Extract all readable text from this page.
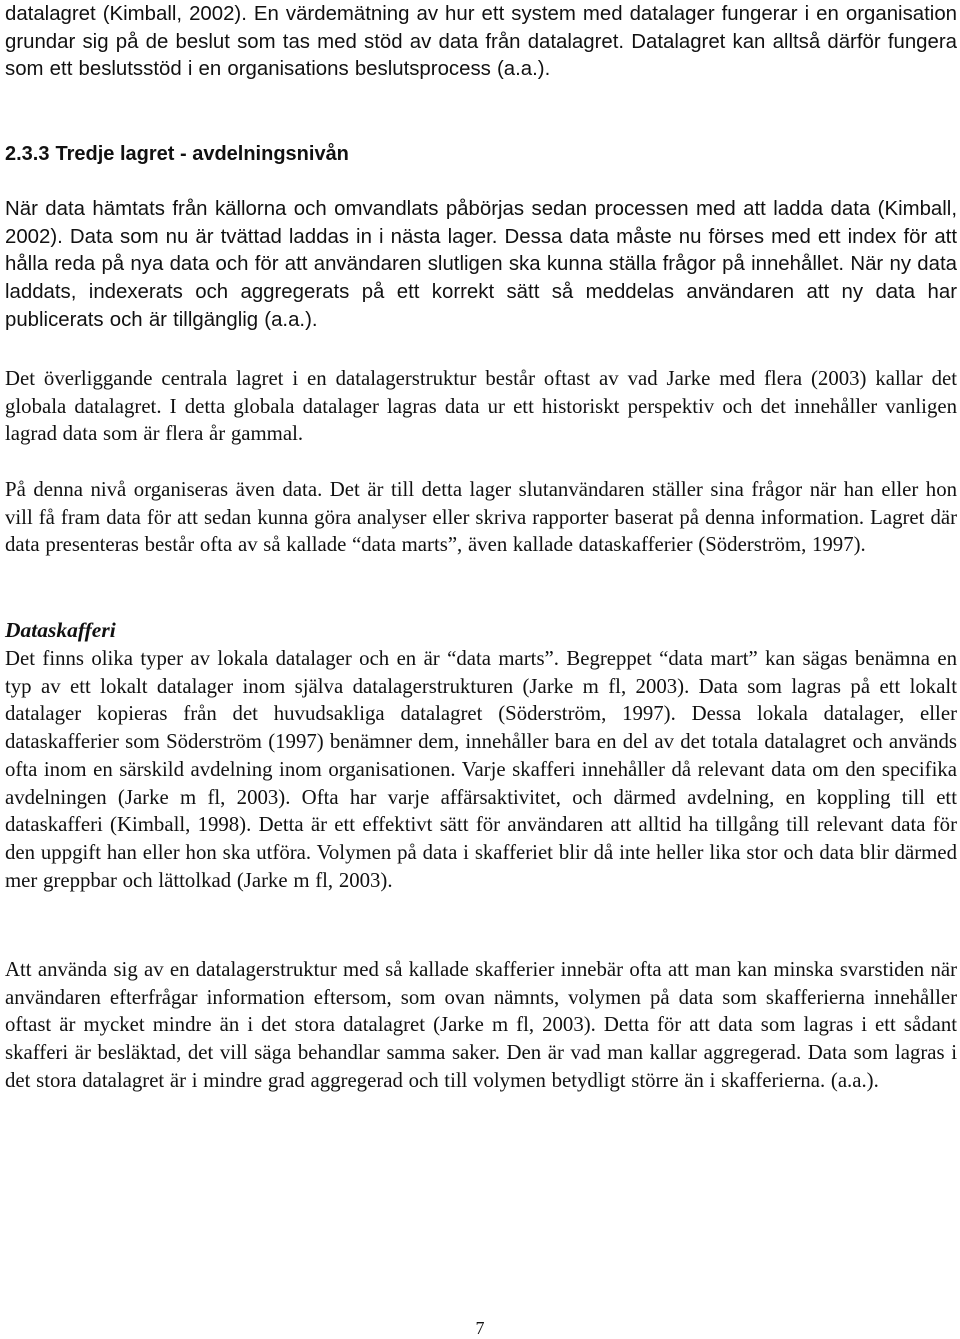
datalagret (Kimball, 2002). En värdemätning av hur ett system med datalager fungerar i en organisation grundar sig på de beslut som tas med stöd av data från datalagret. Datalagret kan alltså därför fungera som ett beslutsstöd i en organisations beslutsprocess (a.a.).

2.3.3 Tredje lagret - avdelningsnivån

När data hämtats från källorna och omvandlats påbörjas sedan processen med att ladda data (Kimball, 2002). Data som nu är tvättad laddas in i nästa lager. Dessa data måste nu förses med ett index för att hålla reda på nya data och för att användaren slutligen ska kunna ställa frågor på innehållet. När ny data laddats, indexerats och aggregerats på ett korrekt sätt så meddelas användaren att ny data har publicerats och är tillgänglig (a.a.).

Det överliggande centrala lagret i en datalagerstruktur består oftast av vad Jarke med flera (2003) kallar det globala datalagret. I detta globala datalager lagras data ur ett historiskt perspektiv och det innehåller vanligen lagrad data som är flera år gammal.

På denna nivå organiseras även data. Det är till detta lager slutanvändaren ställer sina frågor när han eller hon vill få fram data för att sedan kunna göra analyser eller skriva rapporter baserat på denna information. Lagret där data presenteras består ofta av så kallade “data marts”, även kallade dataskafferier (Söderström, 1997).

Dataskafferi

Det finns olika typer av lokala datalager och en är “data marts”. Begreppet “data mart” kan sägas benämna en typ av ett lokalt datalager inom själva datalagerstrukturen (Jarke m fl, 2003). Data som lagras på ett lokalt datalager kopieras från det huvudsakliga datalagret (Söderström, 1997). Dessa lokala datalager, eller dataskafferier som Söderström (1997) benämner dem, innehåller bara en del av det totala datalagret och används ofta inom en särskild avdelning inom organisationen. Varje skafferi innehåller då relevant data om den specifika avdelningen (Jarke m fl, 2003). Ofta har varje affärsaktivitet, och därmed avdelning, en koppling till ett dataskafferi (Kimball, 1998). Detta är ett effektivt sätt för användaren att alltid ha tillgång till relevant data för den uppgift han eller hon ska utföra. Volymen på data i skafferiet blir då inte heller lika stor och data blir därmed mer greppbar och lättolkad (Jarke m fl, 2003).

Att använda sig av en datalagerstruktur med så kallade skafferier innebär ofta att man kan minska svarstiden när användaren efterfrågar information eftersom, som ovan nämnts, volymen på data som skafferierna innehåller oftast är mycket mindre än i det stora datalagret (Jarke m fl, 2003). Detta för att data som lagras i ett sådant skafferi är besläktad, det vill säga behandlar samma saker. Den är vad man kallar aggregerad. Data som lagras i det stora datalagret är i mindre grad aggregerad och till volymen betydligt större än i skafferierna. (a.a.).

7
